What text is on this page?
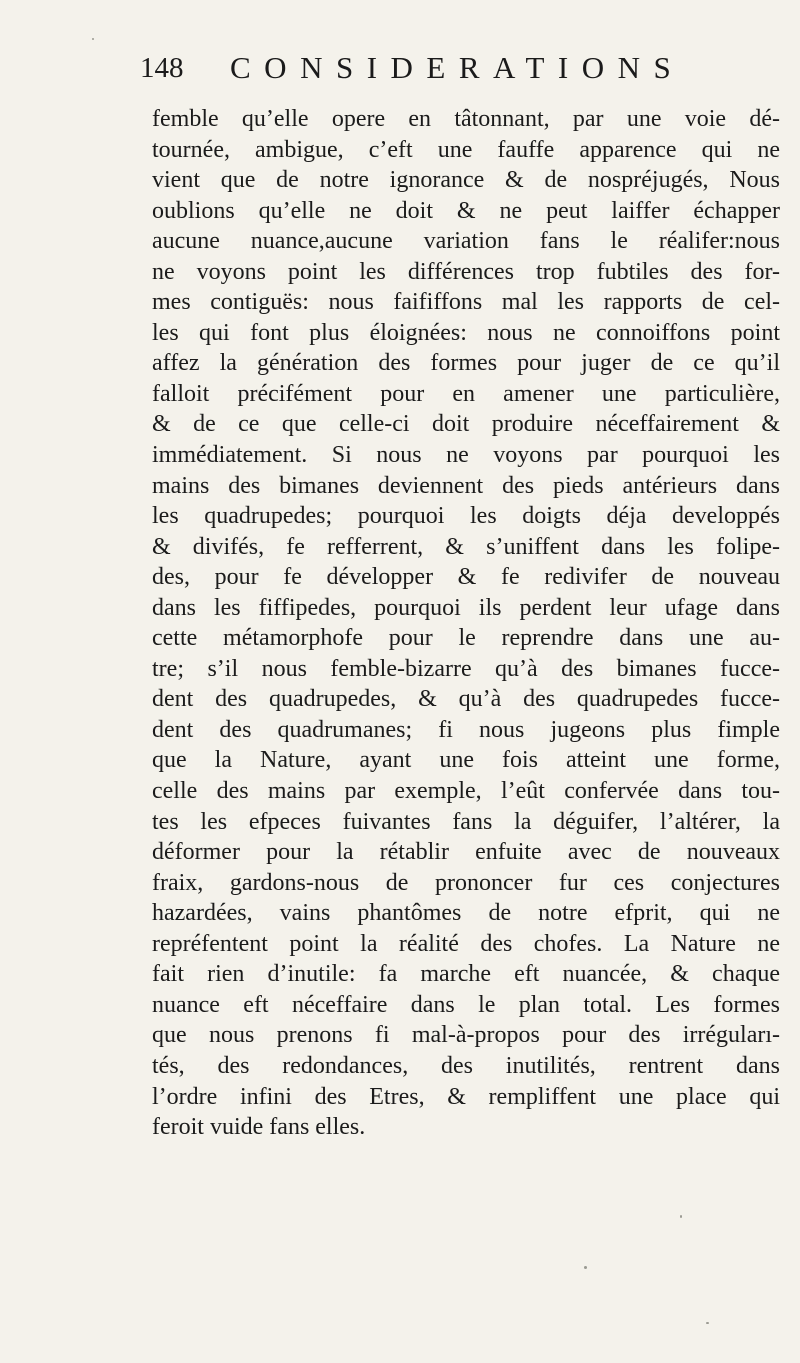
148 CONSIDERATIONS
femble qu’elle opere en tâtonnant, par une voie dé-
tournée, ambigue, c’eft une fauffe apparence qui ne
vient que de notre ignorance & de nospréjugés, Nous
oublions qu’elle ne doit & ne peut laiffer échapper
aucune nuance,aucune variation fans le réalifer:nous
ne voyons point les différences trop fubtiles des for-
mes contiguës: nous faififfons mal les rapports de cel-
les qui font plus éloignées: nous ne connoiffons point
affez la génération des formes pour juger de ce qu’il
falloit précifément pour en amener une particulière,
& de ce que celle-ci doit produire néceffairement &
immédiatement. Si nous ne voyons par pourquoi les
mains des bimanes deviennent des pieds antérieurs dans
les quadrupedes; pourquoi les doigts déja developpés
& divifés, fe refferrent, & s’uniffent dans les folipe-
des, pour fe développer & fe redivifer de nouveau
dans les fiffipedes, pourquoi ils perdent leur ufage dans
cette métamorphofe pour le reprendre dans une au-
tre; s’il nous femble-bizarre qu’à des bimanes fucce-
dent des quadrupedes, & qu’à des quadrupedes fucce-
dent des quadrumanes; fi nous jugeons plus fimple
que la Nature, ayant une fois atteint une forme,
celle des mains par exemple, l’eût confervée dans tou-
tes les efpeces fuivantes fans la déguifer, l’altérer, la
déformer pour la rétablir enfuite avec de nouveaux
fraix, gardons-nous de prononcer fur ces conjectures
hazardées, vains phantômes de notre efprit, qui ne
repréfentent point la réalité des chofes. La Nature ne
fait rien d’inutile: fa marche eft nuancée, & chaque
nuance eft néceffaire dans le plan total. Les formes
que nous prenons fi mal-à-propos pour des irréguları-
tés, des redondances, des inutilités, rentrent dans
l’ordre infini des Etres, & rempliffent une place qui
feroit vuide fans elles.
